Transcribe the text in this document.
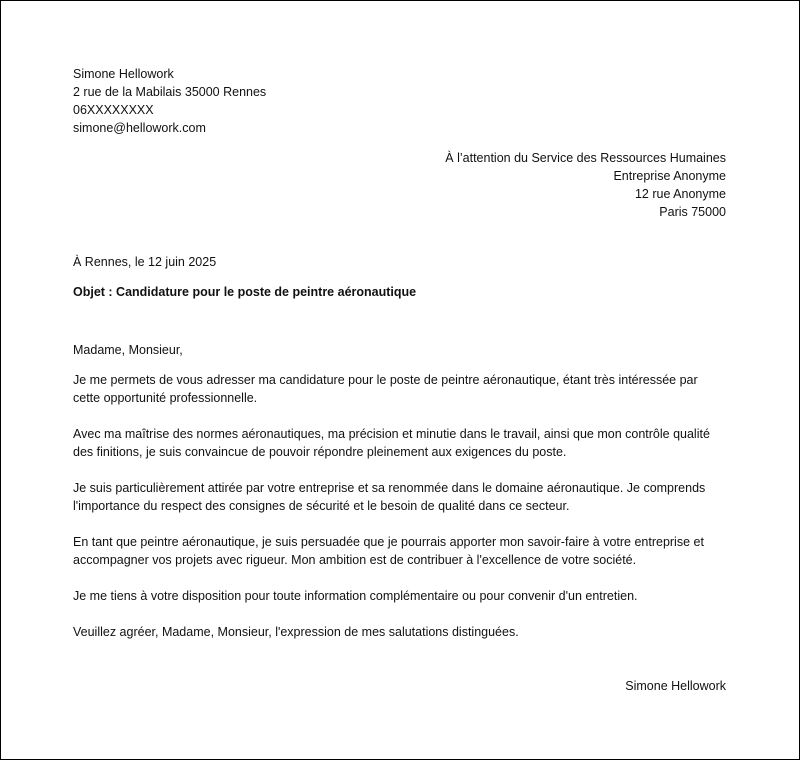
Simone Hellowork
2 rue de la Mabilais 35000 Rennes
06XXXXXXXX
simone@hellowork.com
À l’attention du Service des Ressources Humaines
Entreprise Anonyme
12 rue Anonyme
Paris 75000
À Rennes, le 12 juin 2025
Objet : Candidature pour le poste de peintre aéronautique
Madame, Monsieur,

Je me permets de vous adresser ma candidature pour le poste de peintre aéronautique, étant très intéressée par
cette opportunité professionnelle.

Avec ma maîtrise des normes aéronautiques, ma précision et minutie dans le travail, ainsi que mon contrôle qualité
des finitions, je suis convaincue de pouvoir répondre pleinement aux exigences du poste.

Je suis particulièrement attirée par votre entreprise et sa renommée dans le domaine aéronautique. Je comprends
l'importance du respect des consignes de sécurité et le besoin de qualité dans ce secteur.

En tant que peintre aéronautique, je suis persuadée que je pourrais apporter mon savoir-faire à votre entreprise et
accompagner vos projets avec rigueur. Mon ambition est de contribuer à l'excellence de votre société.

Je me tiens à votre disposition pour toute information complémentaire ou pour convenir d'un entretien.

Veuillez agréer, Madame, Monsieur, l'expression de mes salutations distinguées.

Simone Hellowork
